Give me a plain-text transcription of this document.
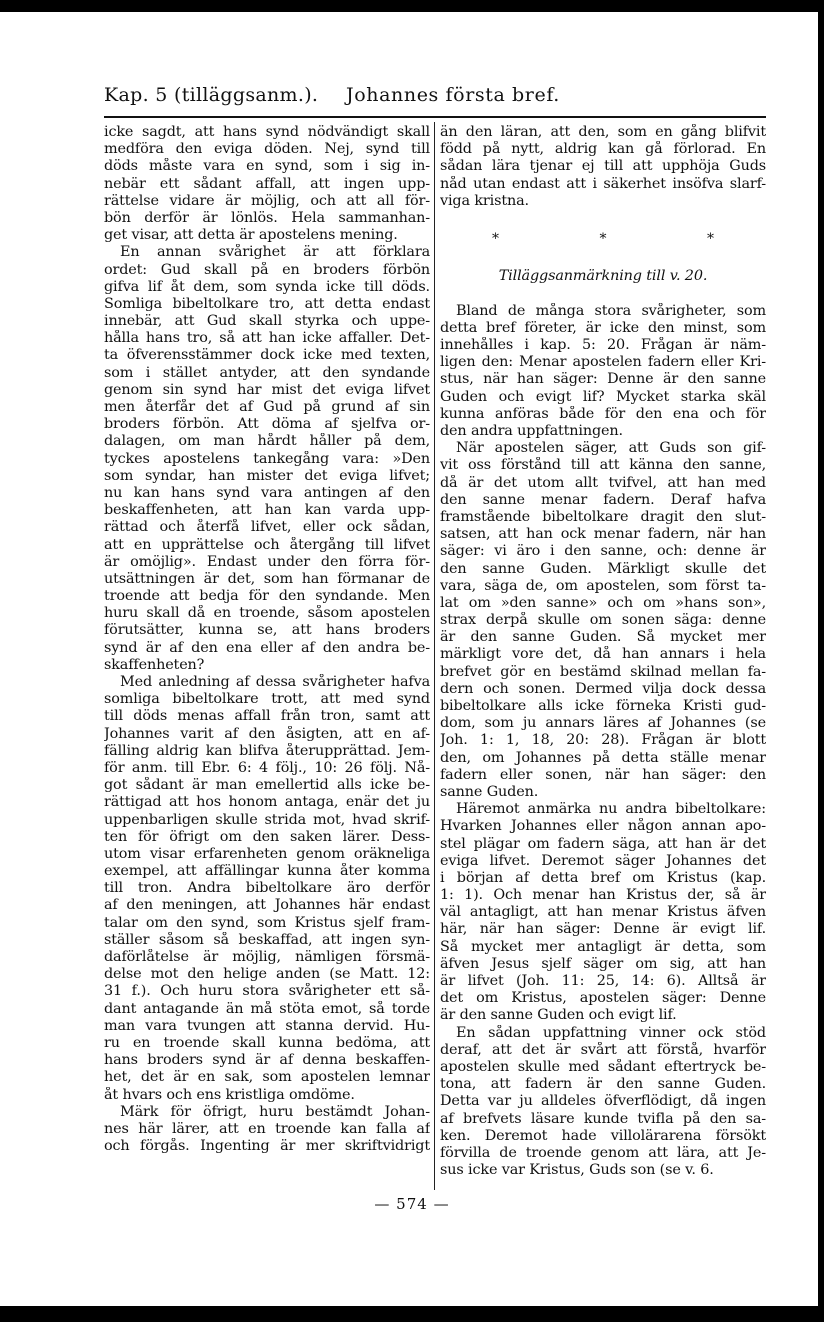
Kap. 5 (tilläggsanm.). Johannes första bref.
icke sagdt, att hans synd nödvändigt skall
medföra den eviga döden. Nej, synd till
döds måste vara en synd, som i sig in-
nebär ett sådant affall, att ingen upp-
rättelse vidare är möjlig, och att all för-
bön derför är lönlös. Hela sammanhan-
get visar, att detta är apostelens mening.
En annan svårighet är att förklara
ordet: Gud skall på en broders förbön
gifva lif åt dem, som synda icke till döds.
Somliga bibeltolkare tro, att detta endast
innebär, att Gud skall styrka och uppe-
hålla hans tro, så att han icke affaller. Det-
ta öfverensstämmer dock icke med texten,
som i stället antyder, att den syndande
genom sin synd har mist det eviga lifvet
men återfår det af Gud på grund af sin
broders förbön. Att döma af sjelfva or-
dalagen, om man hårdt håller på dem,
tyckes apostelens tankegång vara: »Den
som syndar, han mister det eviga lifvet;
nu kan hans synd vara antingen af den
beskaffenheten, att han kan varda upp-
rättad och återfå lifvet, eller ock sådan,
att en upprättelse och återgång till lifvet
är omöjlig». Endast under den förra för-
utsättningen är det, som han förmanar de
troende att bedja för den syndande. Men
huru skall då en troende, såsom apostelen
förutsätter, kunna se, att hans broders
synd är af den ena eller af den andra be-
skaffenheten?
Med anledning af dessa svårigheter hafva
somliga bibeltolkare trott, att med synd
till döds menas affall från tron, samt att
Johannes varit af den åsigten, att en af-
fälling aldrig kan blifva återupprättad. Jem-
för anm. till Ebr. 6: 4 följ., 10: 26 följ. Nå-
got sådant är man emellertid alls icke be-
rättigad att hos honom antaga, enär det ju
uppenbarligen skulle strida mot, hvad skrif-
ten för öfrigt om den saken lärer. Dess-
utom visar erfarenheten genom oräkneliga
exempel, att affällingar kunna åter komma
till tron. Andra bibeltolkare äro derför
af den meningen, att Johannes här endast
talar om den synd, som Kristus sjelf fram-
ställer såsom så beskaffad, att ingen syn-
daförlåtelse är möjlig, nämligen försmä-
delse mot den helige anden (se Matt. 12:
31 f.). Och huru stora svårigheter ett så-
dant antagande än må stöta emot, så torde
man vara tvungen att stanna dervid. Hu-
ru en troende skall kunna bedöma, att
hans broders synd är af denna beskaffen-
het, det är en sak, som apostelen lemnar
åt hvars och ens kristliga omdöme.
Märk för öfrigt, huru bestämdt Johan-
nes här lärer, att en troende kan falla af
och förgås. Ingenting är mer skriftvidrigt
än den läran, att den, som en gång blifvit
född på nytt, aldrig kan gå förlorad. En
sådan lära tjenar ej till att upphöja Guds
nåd utan endast att i säkerhet insöfva slarf-
viga kristna.
* * *
Tilläggsanmärkning till v. 20.
Bland de många stora svårigheter, som
detta bref företer, är icke den minst, som
innehålles i kap. 5: 20. Frågan är näm-
ligen den: Menar apostelen fadern eller Kri-
stus, när han säger: Denne är den sanne
Guden och evigt lif? Mycket starka skäl
kunna anföras både för den ena och för
den andra uppfattningen.
När apostelen säger, att Guds son gif-
vit oss förstånd till att känna den sanne,
då är det utom allt tvifvel, att han med
den sanne menar fadern. Deraf hafva
framstående bibeltolkare dragit den slut-
satsen, att han ock menar fadern, när han
säger: vi äro i den sanne, och: denne är
den sanne Guden. Märkligt skulle det
vara, säga de, om apostelen, som först ta-
lat om »den sanne» och om »hans son»,
strax derpå skulle om sonen säga: denne
är den sanne Guden. Så mycket mer
märkligt vore det, då han annars i hela
brefvet gör en bestämd skilnad mellan fa-
dern och sonen. Dermed vilja dock dessa
bibeltolkare alls icke förneka Kristi gud-
dom, som ju annars läres af Johannes (se
Joh. 1: 1, 18, 20: 28). Frågan är blott
den, om Johannes på detta ställe menar
fadern eller sonen, när han säger: den
sanne Guden.
Häremot anmärka nu andra bibeltolkare:
Hvarken Johannes eller någon annan apo-
stel plägar om fadern säga, att han är det
eviga lifvet. Deremot säger Johannes det
i början af detta bref om Kristus (kap.
1: 1). Och menar han Kristus der, så är
väl antagligt, att han menar Kristus äfven
här, när han säger: Denne är evigt lif.
Så mycket mer antagligt är detta, som
äfven Jesus sjelf säger om sig, att han
är lifvet (Joh. 11: 25, 14: 6). Alltså är
det om Kristus, apostelen säger: Denne
är den sanne Guden och evigt lif.
En sådan uppfattning vinner ock stöd
deraf, att det är svårt att förstå, hvarför
apostelen skulle med sådant eftertryck be-
tona, att fadern är den sanne Guden.
Detta var ju alldeles öfverflödigt, då ingen
af brefvets läsare kunde tvifla på den sa-
ken. Deremot hade villolärarena försökt
förvilla de troende genom att lära, att Je-
sus icke var Kristus, Guds son (se v. 6.
— 574 —
